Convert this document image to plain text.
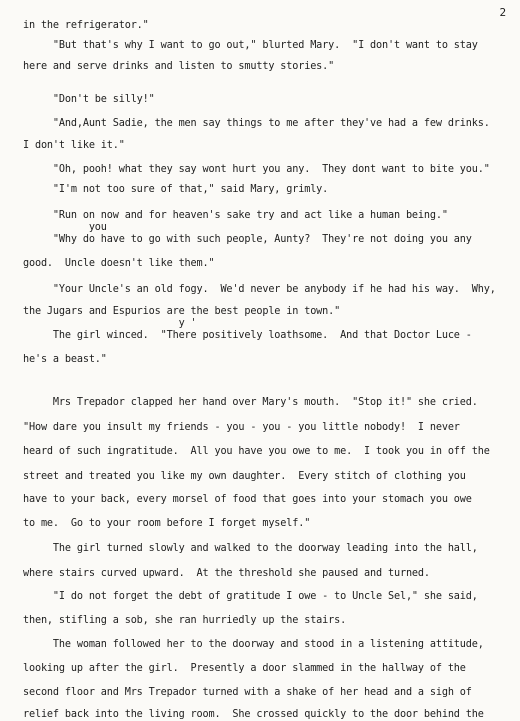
2
in the refrigerator."
"But that's why I want to go out," blurted Mary.  "I don't want to stay
here and serve drinks and listen to smutty stories."
"Don't be silly!"
"And,Aunt Sadie, the men say things to me after they've had a few drinks.
I don't like it."
"Oh, pooh! what they say wont hurt you any.  They dont want to bite you."
"I'm not too sure of that," said Mary, grimly.
"Run on now and for heaven's sake try and act like a human being."
you
"Why do have to go with such people, Aunty?  They're not doing you any
good.  Uncle doesn't like them."
"Your Uncle's an old fogy.  We'd never be anybody if he had his way.  Why,
the Jugars and Espurios are the best people in town."
y '
The girl winced.  "There positively loathsome.  And that Doctor Luce -
he's a beast."
Mrs Trepador clapped her hand over Mary's mouth.  "Stop it!" she cried.
"How dare you insult my friends - you - you - you little nobody!  I never
heard of such ingratitude.  All you have you owe to me.  I took you in off the
street and treated you like my own daughter.  Every stitch of clothing you
have to your back, every morsel of food that goes into your stomach you owe
to me.  Go to your room before I forget myself."
The girl turned slowly and walked to the doorway leading into the hall,
where stairs curved upward.  At the threshold she paused and turned.
"I do not forget the debt of gratitude I owe - to Uncle Sel," she said,
then, stifling a sob, she ran hurriedly up the stairs.
The woman followed her to the doorway and stood in a listening attitude,
looking up after the girl.  Presently a door slammed in the hallway of the
second floor and Mrs Trepador turned with a shake of her head and a sigh of
relief back into the living room.  She crossed quickly to the door behind the
